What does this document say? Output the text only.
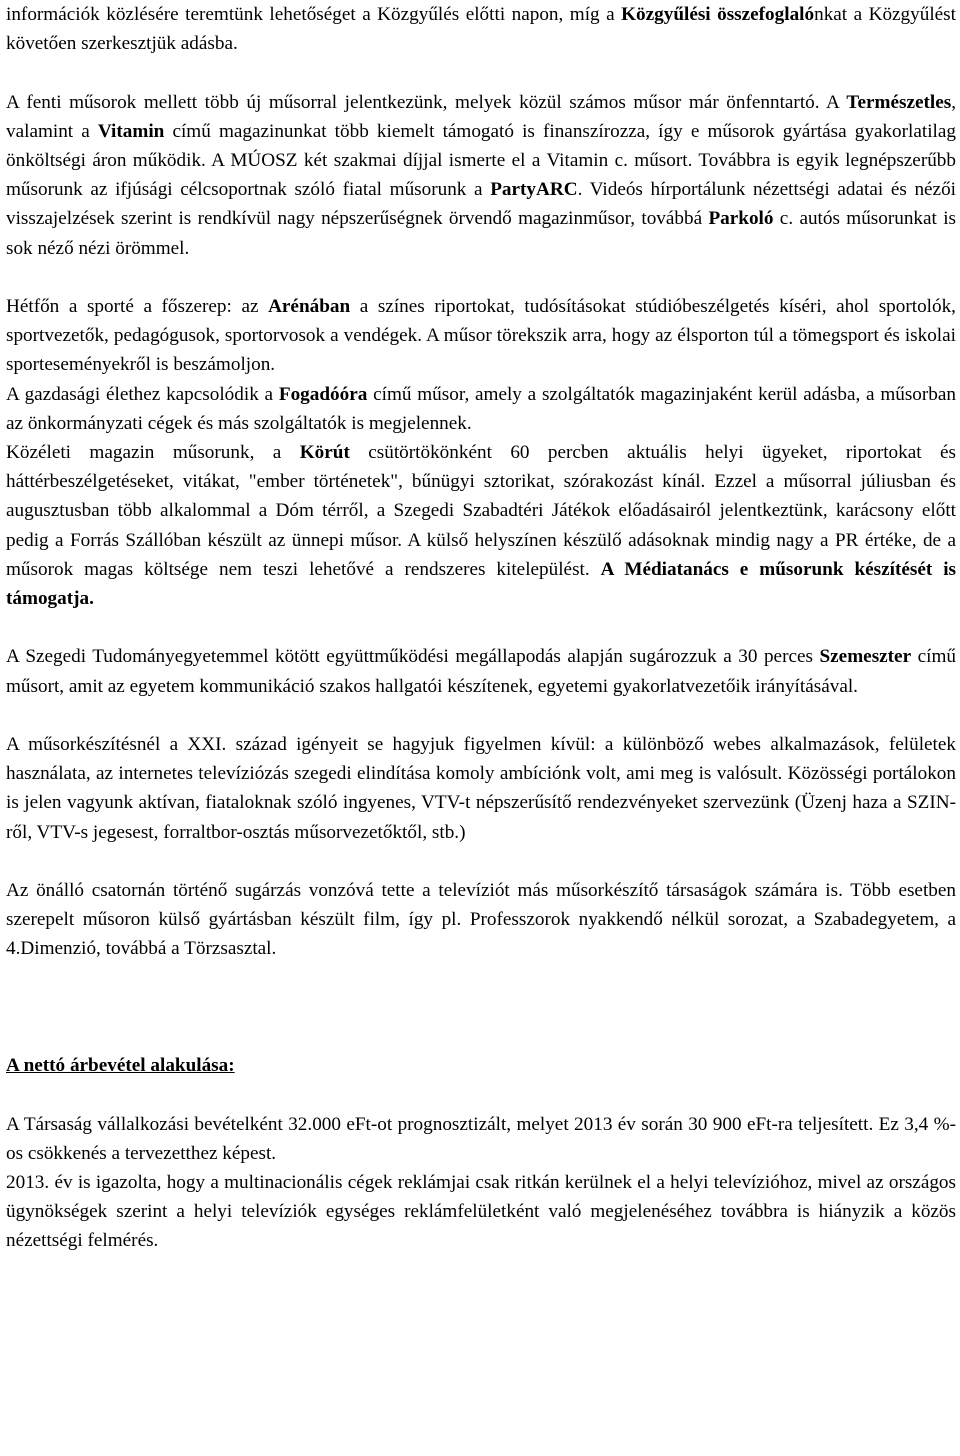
információk közlésére teremtünk lehetőséget a Közgyűlés előtti napon, míg a Közgyűlési összefoglalónkat a Közgyűlést követően szerkesztjük adásba.

A fenti műsorok mellett több új műsorral jelentkezünk, melyek közül számos műsor már önfenntartó. A Természetles, valamint a Vitamin című magazinunkat több kiemelt támogató is finanszírozza, így e műsorok gyártása gyakorlatilag önköltségi áron működik. A MÚOSZ két szakmai díjjal ismerte el a Vitamin c. műsort. Továbbra is egyik legnépszerűbb műsorunk az ifjúsági célcsoportnak szóló fiatal műsorunk a PartyARC. Videós hírportálunk nézettségi adatai és nézői visszajelzések szerint is rendkívül nagy népszerűségnek örvendő magazinműsor, továbbá Parkoló c. autós műsorunkat is sok néző nézi örömmel.

Hétfőn a sporté a főszerep: az Arénában a színes riportokat, tudósításokat stúdióbeszélgetés kíséri, ahol sportolók, sportvezetők, pedagógusok, sportorvosok a vendégek. A műsor törekszik arra, hogy az élsporton túl a tömegsport és iskolai sporteseményekről is beszámoljon.

A gazdasági élethez kapcsolódik a Fogadóóra című műsor, amely a szolgáltatók magazinjaként kerül adásba, a műsorban az önkormányzati cégek és más szolgáltatók is megjelennek.

Közéleti magazin műsorunk, a Körút csütörtökönként 60 percben aktuális helyi ügyeket, riportokat és háttérbeszélgetéseket, vitákat, "ember történetek", bűnügyi sztorikat, szórakozást kínál. Ezzel a műsorral júliusban és augusztusban több alkalommal a Dóm térről, a Szegedi Szabadtéri Játékok előadásairól jelentkeztünk, karácsony előtt pedig a Forrás Szállóban készült az ünnepi műsor. A külső helyszínen készülő adásoknak mindig nagy a PR értéke, de a műsorok magas költsége nem teszi lehetővé a rendszeres kitelepülést. A Médiatanács e műsorunk készítését is támogatja.

A Szegedi Tudományegyetemmel kötött együttműködési megállapodás alapján sugározzuk a 30 perces Szemeszter című műsort, amit az egyetem kommunikáció szakos hallgatói készítenek, egyetemi gyakorlatvezetőik irányításával.

A műsorkészítésnél a XXI. század igényeit se hagyjuk figyelmen kívül: a különböző webes alkalmazások, felületek használata, az internetes televíziózás szegedi elindítása komoly ambíciónk volt, ami meg is valósult. Közösségi portálokon is jelen vagyunk aktívan, fiataloknak szóló ingyenes, VTV-t népszerűsítő rendezvényeket szervezünk (Üzenj haza a SZIN-ről, VTV-s jegesest, forraltbor-osztás műsorvezetőktől, stb.)

Az önálló csatornán történő sugárzás vonzóvá tette a televíziót más műsorkészítő társaságok számára is. Több esetben szerepelt műsoron külső gyártásban készült film, így pl. Professzorok nyakkendő nélkül sorozat, a Szabadegyetem, a 4.Dimenzió, továbbá a Törzsasztal.

A nettó árbevétel alakulása:

A Társaság vállalkozási bevételként 32.000 eFt-ot prognosztizált, melyet 2013 év során 30 900 eFt-ra teljesített. Ez 3,4 %-os csökkenés a tervezetthez képest.

2013. év is igazolta, hogy a multinacionális cégek reklámjai csak ritkán kerülnek el a helyi televízióhoz, mivel az országos ügynökségek szerint a helyi televíziók egységes reklámfelületként való megjelenéséhez továbbra is hiányzik a közös nézettségi felmérés.
